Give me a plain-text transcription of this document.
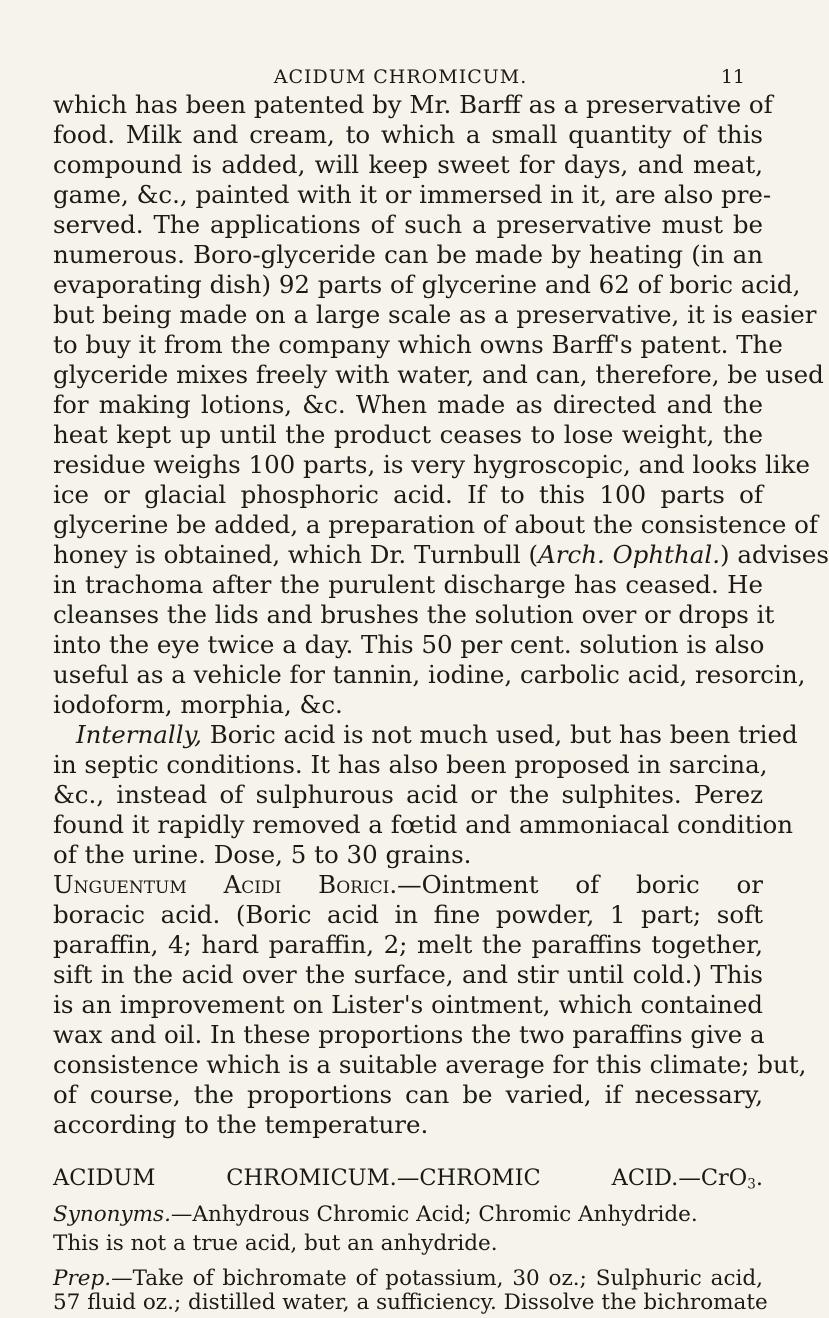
ACIDUM CHROMICUM.	11
which has been patented by Mr. Barff as a preservative of
food. Milk and cream, to which a small quantity of this
compound is added, will keep sweet for days, and meat,
game, &c., painted with it or immersed in it, are also pre-
served. The applications of such a preservative must be
numerous. Boro-glyceride can be made by heating (in an
evaporating dish) 92 parts of glycerine and 62 of boric acid,
but being made on a large scale as a preservative, it is easier
to buy it from the company which owns Barff's patent. The
glyceride mixes freely with water, and can, therefore, be used
for making lotions, &c. When made as directed and the
heat kept up until the product ceases to lose weight, the
residue weighs 100 parts, is very hygroscopic, and looks like
ice or glacial phosphoric acid. If to this 100 parts of
glycerine be added, a preparation of about the consistence of
honey is obtained, which Dr. Turnbull (Arch. Ophthal.) advises
in trachoma after the purulent discharge has ceased. He
cleanses the lids and brushes the solution over or drops it
into the eye twice a day. This 50 per cent. solution is also
useful as a vehicle for tannin, iodine, carbolic acid, resorcin,
iodoform, morphia, &c.
Internally, Boric acid is not much used, but has been tried
in septic conditions. It has also been proposed in sarcina,
&c., instead of sulphurous acid or the sulphites. Perez
found it rapidly removed a fœtid and ammoniacal condition
of the urine. Dose, 5 to 30 grains.
Unguentum Acidi Borici.—Ointment of boric or
boracic acid. (Boric acid in fine powder, 1 part; soft
paraffin, 4; hard paraffin, 2; melt the paraffins together,
sift in the acid over the surface, and stir until cold.) This
is an improvement on Lister's ointment, which contained
wax and oil. In these proportions the two paraffins give a
consistence which is a suitable average for this climate; but,
of course, the proportions can be varied, if necessary,
according to the temperature.
ACIDUM CHROMICUM.—CHROMIC ACID.—CrO$_3$.
Synonyms.—Anhydrous Chromic Acid; Chromic Anhydride.
This is not a true acid, but an anhydride.
Prep.—Take of bichromate of potassium, 30 oz.; Sulphuric acid,
57 fluid oz.; distilled water, a sufficiency. Dissolve the bichromate
